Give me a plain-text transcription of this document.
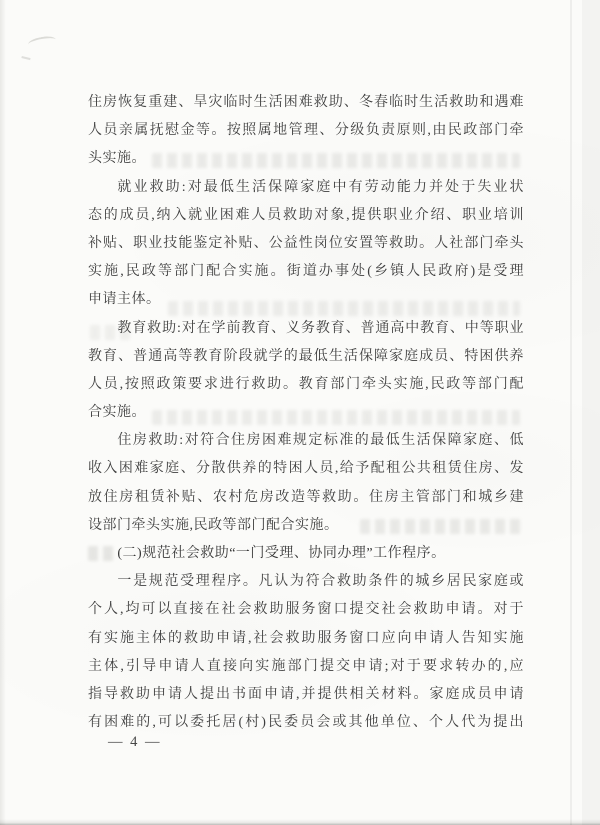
住房恢复重建、旱灾临时生活困难救助、冬春临时生活救助和遇难
人员亲属抚慰金等。按照属地管理、分级负责原则,由民政部门牵
头实施。
就业救助:对最低生活保障家庭中有劳动能力并处于失业状
态的成员,纳入就业困难人员救助对象,提供职业介绍、职业培训
补贴、职业技能鉴定补贴、公益性岗位安置等救助。人社部门牵头
实施,民政等部门配合实施。街道办事处(乡镇人民政府)是受理
申请主体。
教育救助:对在学前教育、义务教育、普通高中教育、中等职业
教育、普通高等教育阶段就学的最低生活保障家庭成员、特困供养
人员,按照政策要求进行救助。教育部门牵头实施,民政等部门配
合实施。
住房救助:对符合住房困难规定标准的最低生活保障家庭、低
收入困难家庭、分散供养的特困人员,给予配租公共租赁住房、发
放住房租赁补贴、农村危房改造等救助。住房主管部门和城乡建
设部门牵头实施,民政等部门配合实施。
(二)规范社会救助“一门受理、协同办理”工作程序。
一是规范受理程序。凡认为符合救助条件的城乡居民家庭或
个人,均可以直接在社会救助服务窗口提交社会救助申请。对于
有实施主体的救助申请,社会救助服务窗口应向申请人告知实施
主体,引导申请人直接向实施部门提交申请;对于要求转办的,应
指导救助申请人提出书面申请,并提供相关材料。家庭成员申请
有困难的,可以委托居(村)民委员会或其他单位、个人代为提出
— 4 —
